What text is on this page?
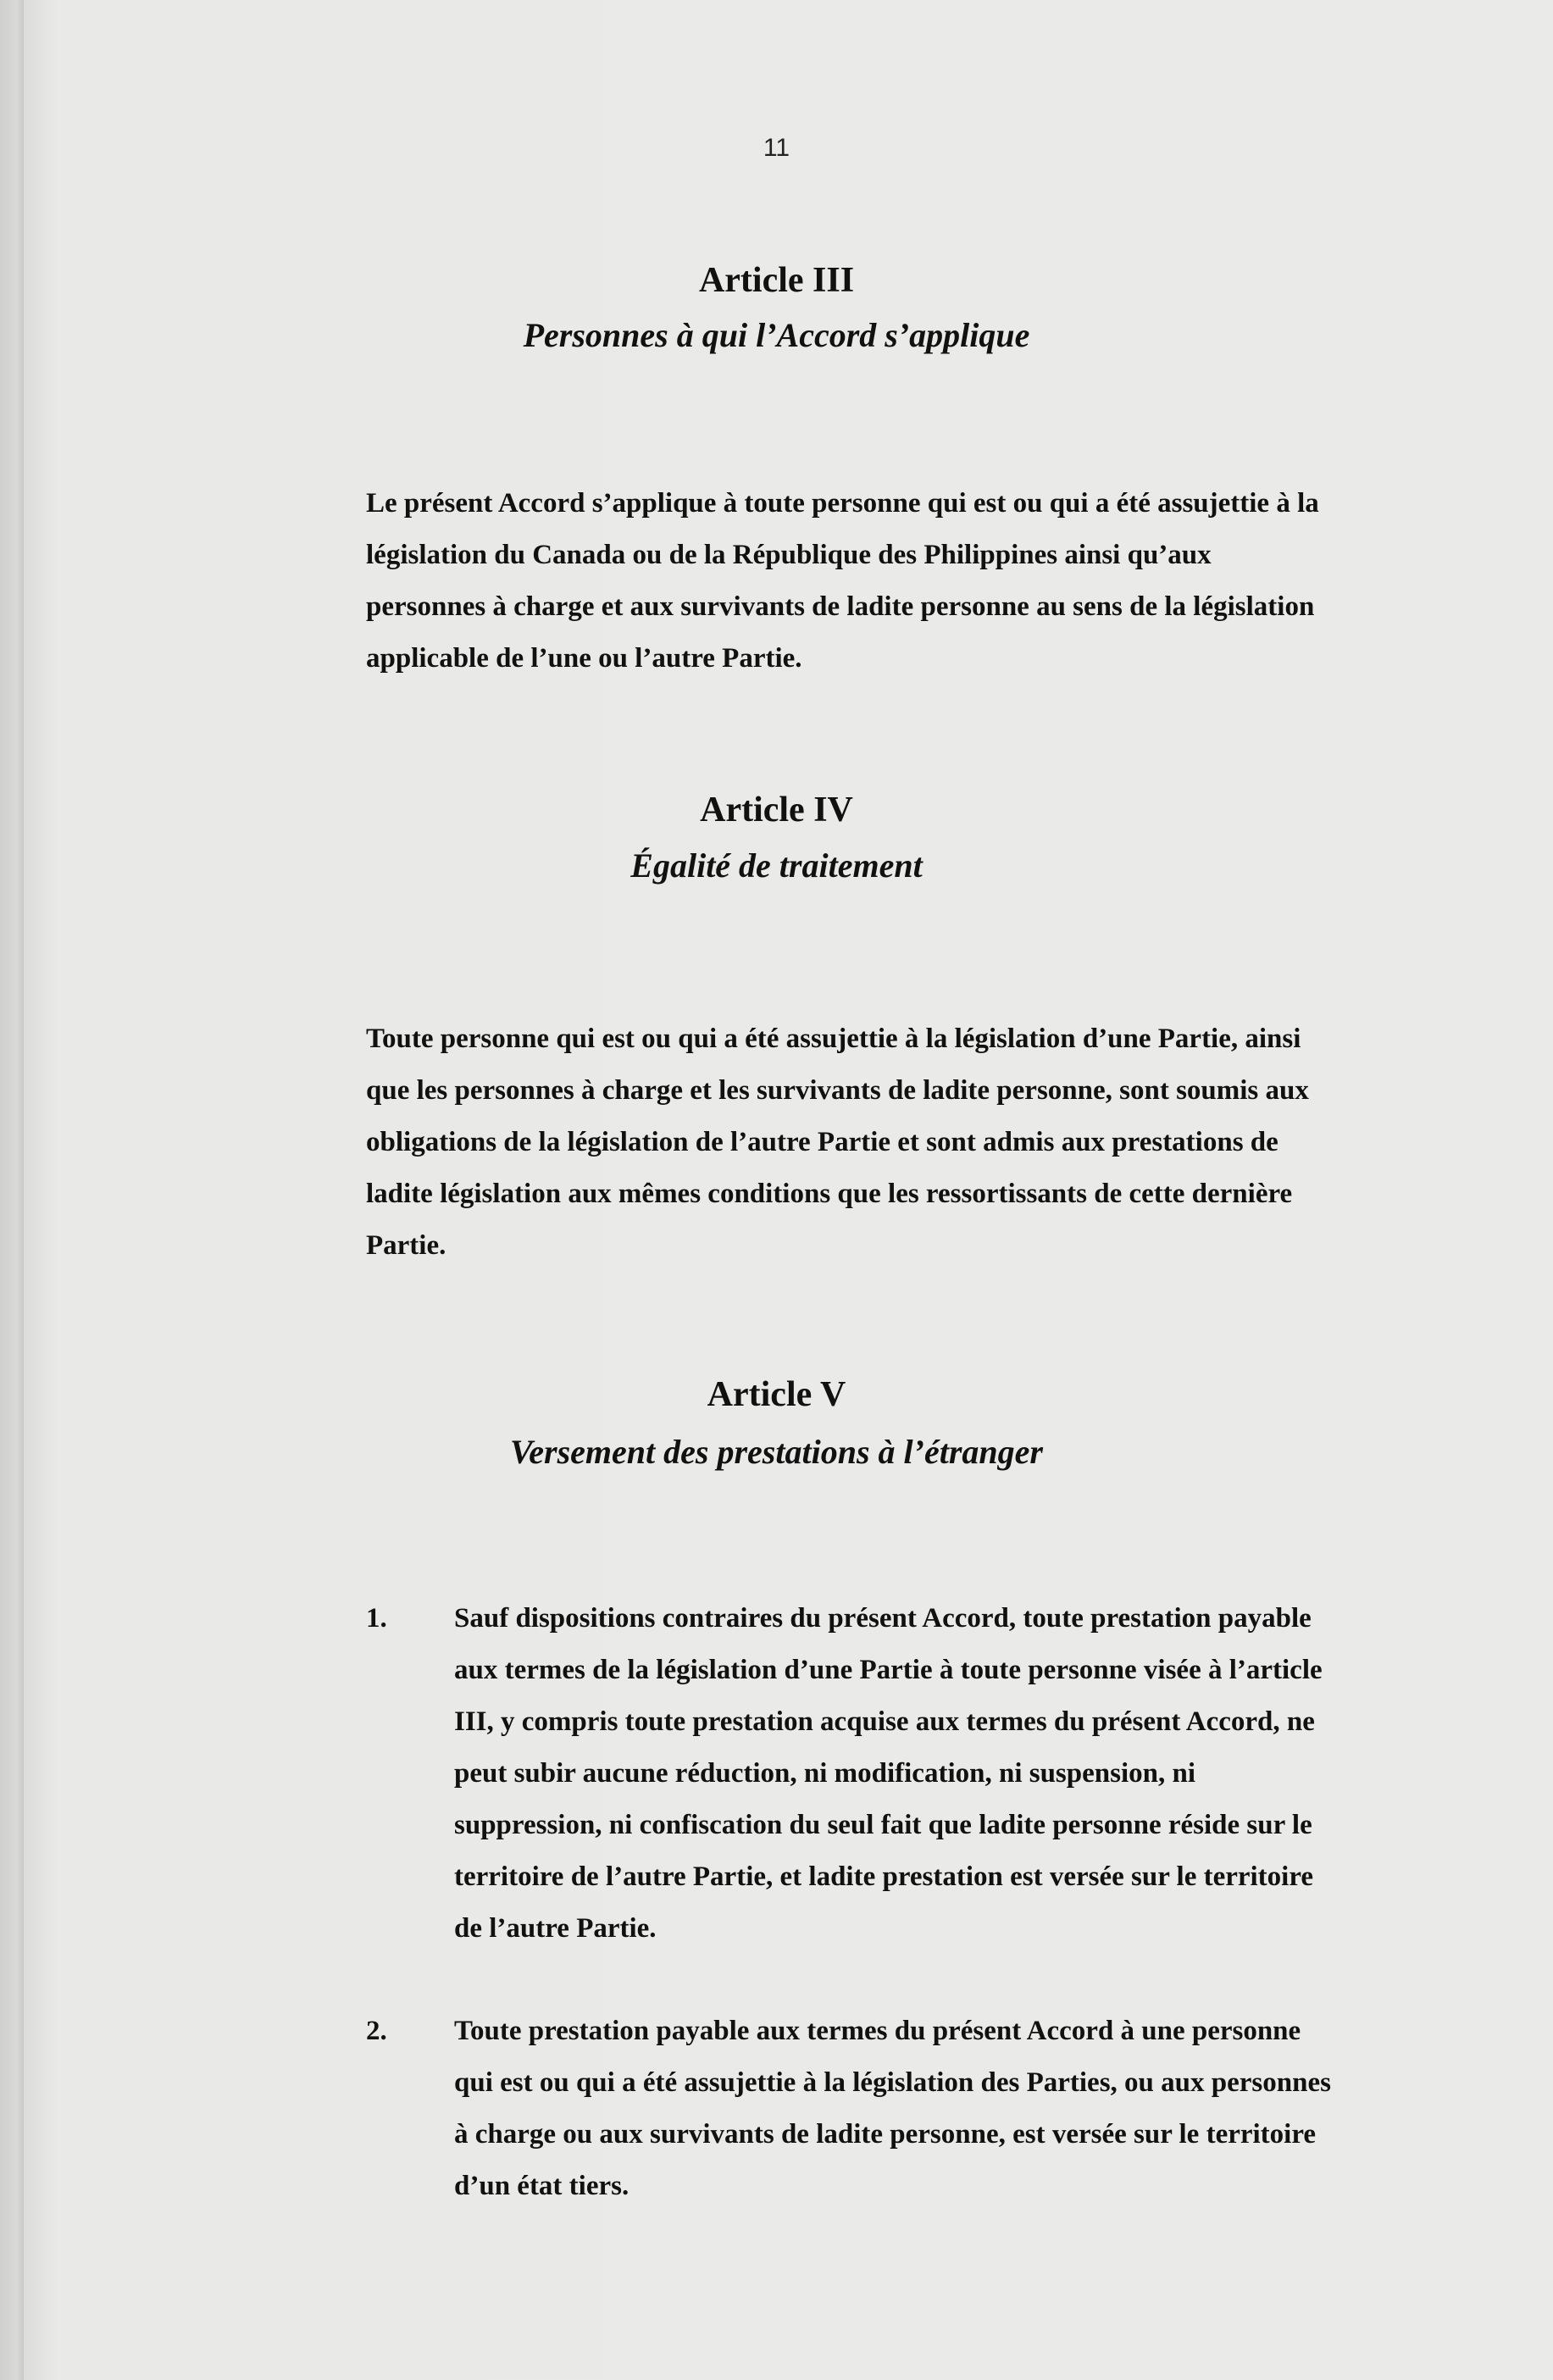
11
Article III
Personnes à qui l’Accord s’applique

Le présent Accord s’applique à toute personne qui est ou qui a été assujettie à la législation du Canada ou de la République des Philippines ainsi qu’aux personnes à charge et aux survivants de ladite personne au sens de la législation applicable de l’une ou l’autre Partie.

Article IV
Égalité de traitement

Toute personne qui est ou qui a été assujettie à la législation d’une Partie, ainsi que les personnes à charge et les survivants de ladite personne, sont soumis aux obligations de la législation de l’autre Partie et sont admis aux prestations de ladite législation aux mêmes conditions que les ressortissants de cette dernière Partie.

Article V
Versement des prestations à l’étranger
1. Sauf dispositions contraires du présent Accord, toute prestation payable aux termes de la législation d’une Partie à toute personne visée à l’article III, y compris toute prestation acquise aux termes du présent Accord, ne peut subir aucune réduction, ni modification, ni suspension, ni suppression, ni confiscation du seul fait que ladite personne réside sur le territoire de l’autre Partie, et ladite prestation est versée sur le territoire de l’autre Partie.

2. Toute prestation payable aux termes du présent Accord à une personne qui est ou qui a été assujettie à la législation des Parties, ou aux personnes à charge ou aux survivants de ladite personne, est versée sur le territoire d’un état tiers.
